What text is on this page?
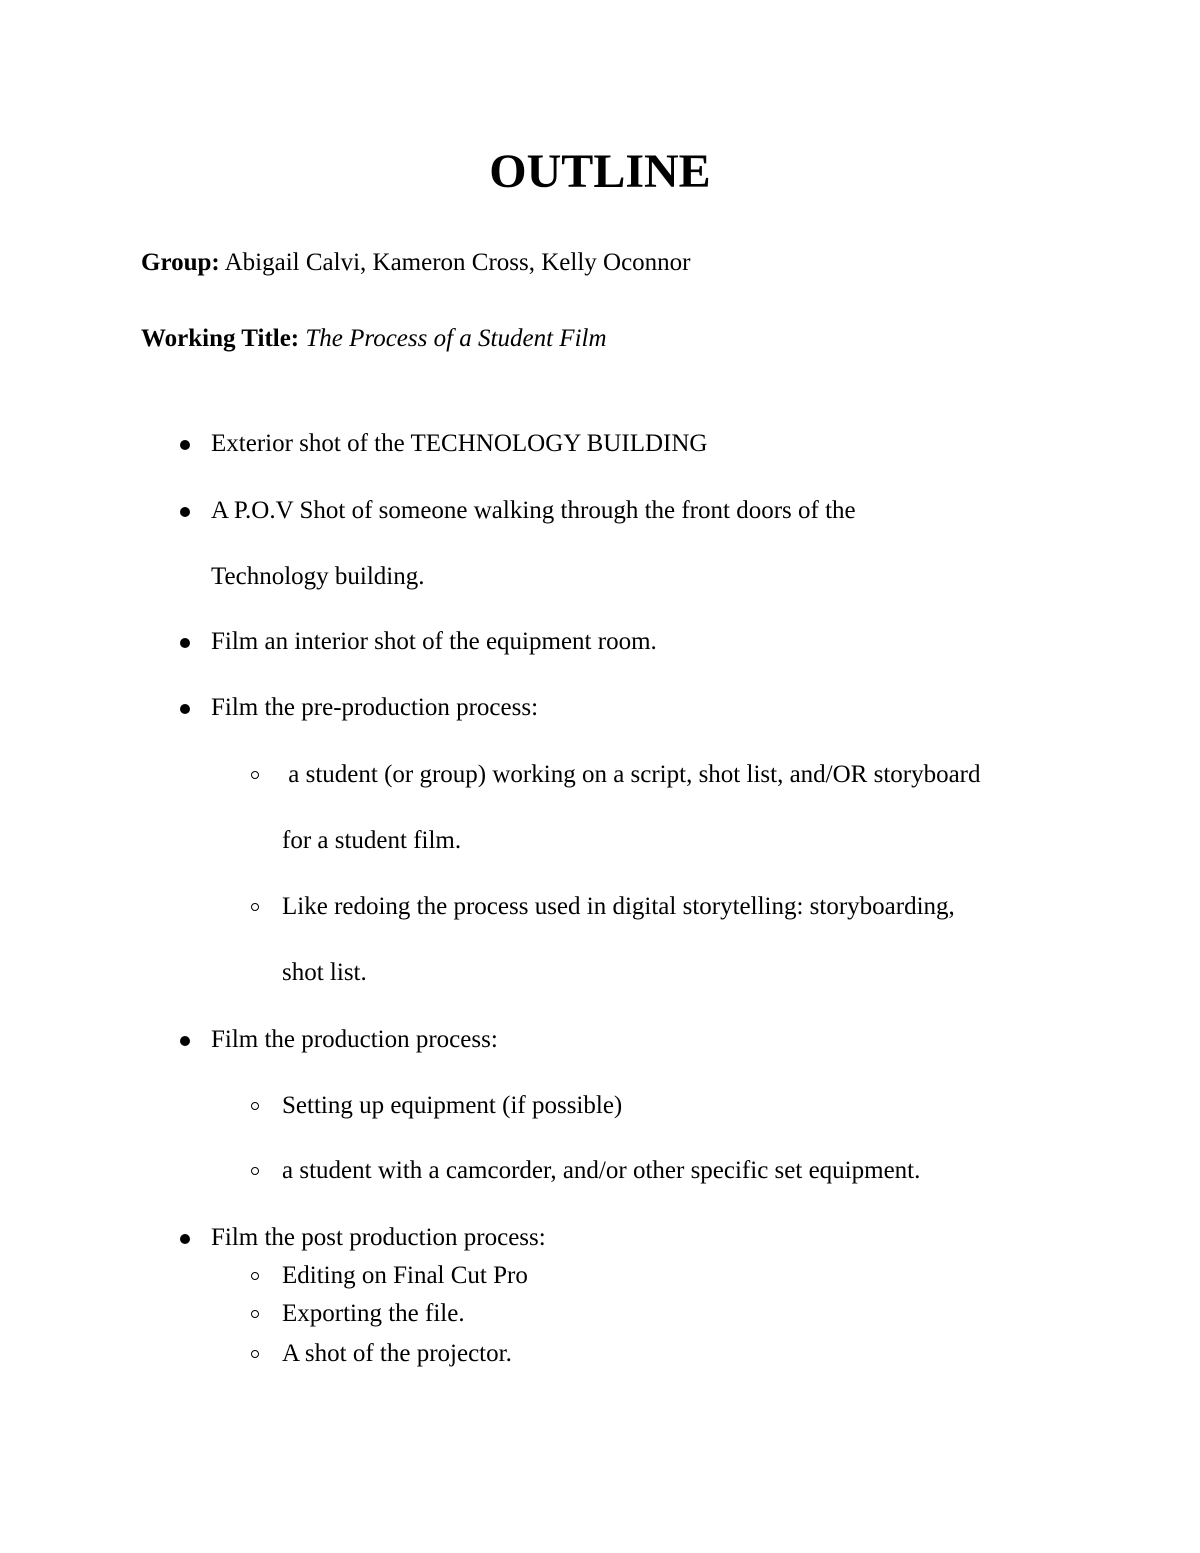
OUTLINE
Group: Abigail Calvi, Kameron Cross, Kelly Oconnor
Working Title: The Process of a Student Film
Exterior shot of the TECHNOLOGY BUILDING
A P.O.V Shot of someone walking through the front doors of the
Technology building.
Film an interior shot of the equipment room.
Film the pre-production process:
a student (or group) working on a script, shot list, and/OR storyboard
for a student film.
Like redoing the process used in digital storytelling: storyboarding,
shot list.
Film the production process:
Setting up equipment (if possible)
a student with a camcorder, and/or other specific set equipment.
Film the post production process:
Editing on Final Cut Pro
Exporting the file.
A shot of the projector.
